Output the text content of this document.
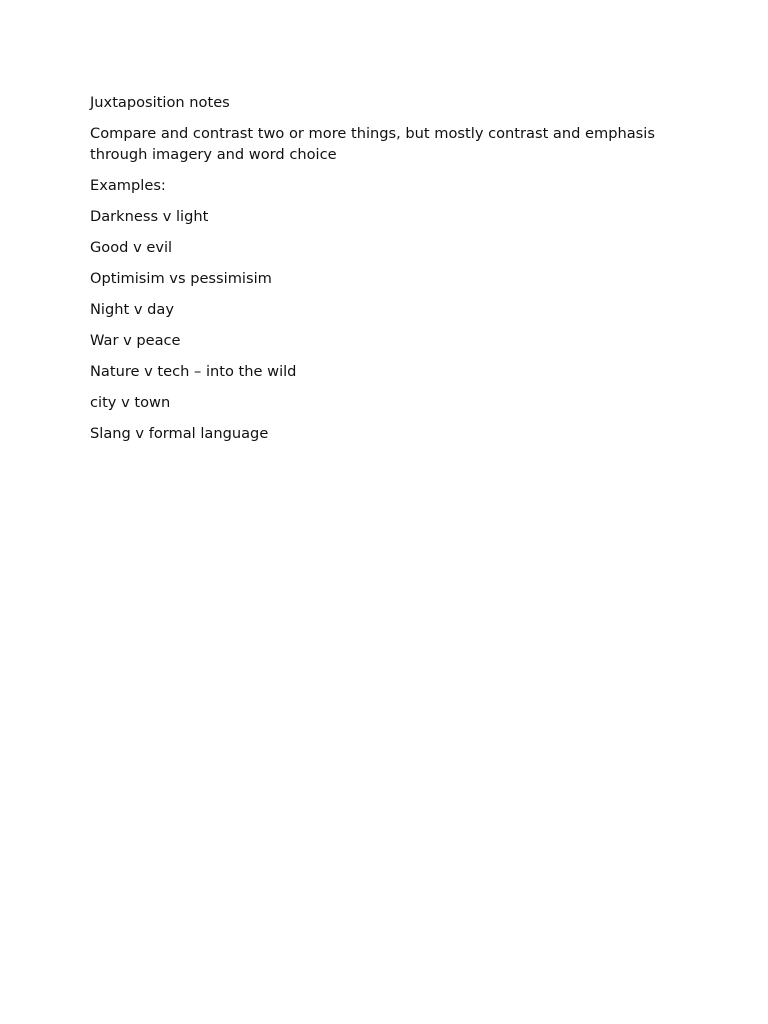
Juxtaposition notes

Compare and contrast two or more things, but mostly contrast and emphasis through imagery and word choice

Examples:

Darkness v light
Good v evil
Optimisim vs pessimisim
Night v day
War v peace
Nature v tech – into the wild
city v town
Slang v formal language
